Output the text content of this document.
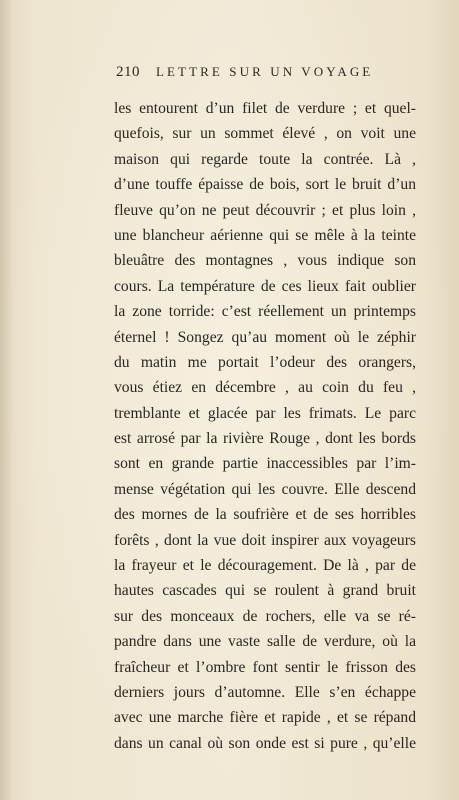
210 LETTRE SUR UN VOYAGE
les entourent d’un filet de verdure ; et quel-
quefois, sur un sommet élevé , on voit une
maison qui regarde toute la contrée. Là ,
d’une touffe épaisse de bois, sort le bruit d’un
fleuve qu’on ne peut découvrir ; et plus loin ,
une blancheur aérienne qui se mêle à la teinte
bleuâtre des montagnes , vous indique son
cours. La température de ces lieux fait oublier
la zone torride: c’est réellement un printemps
éternel ! Songez qu’au moment où le zéphir
du matin me portait l’odeur des orangers,
vous étiez en décembre , au coin du feu ,
tremblante et glacée par les frimats. Le parc
est arrosé par la rivière Rouge , dont les bords
sont en grande partie inaccessibles par l’im-
mense végétation qui les couvre. Elle descend
des mornes de la soufrière et de ses horribles
forêts , dont la vue doit inspirer aux voyageurs
la frayeur et le découragement. De là , par de
hautes cascades qui se roulent à grand bruit
sur des monceaux de rochers, elle va se ré-
pandre dans une vaste salle de verdure, où la
fraîcheur et l’ombre font sentir le frisson des
derniers jours d’automne. Elle s’en échappe
avec une marche fière et rapide , et se répand
dans un canal où son onde est si pure , qu’elle
